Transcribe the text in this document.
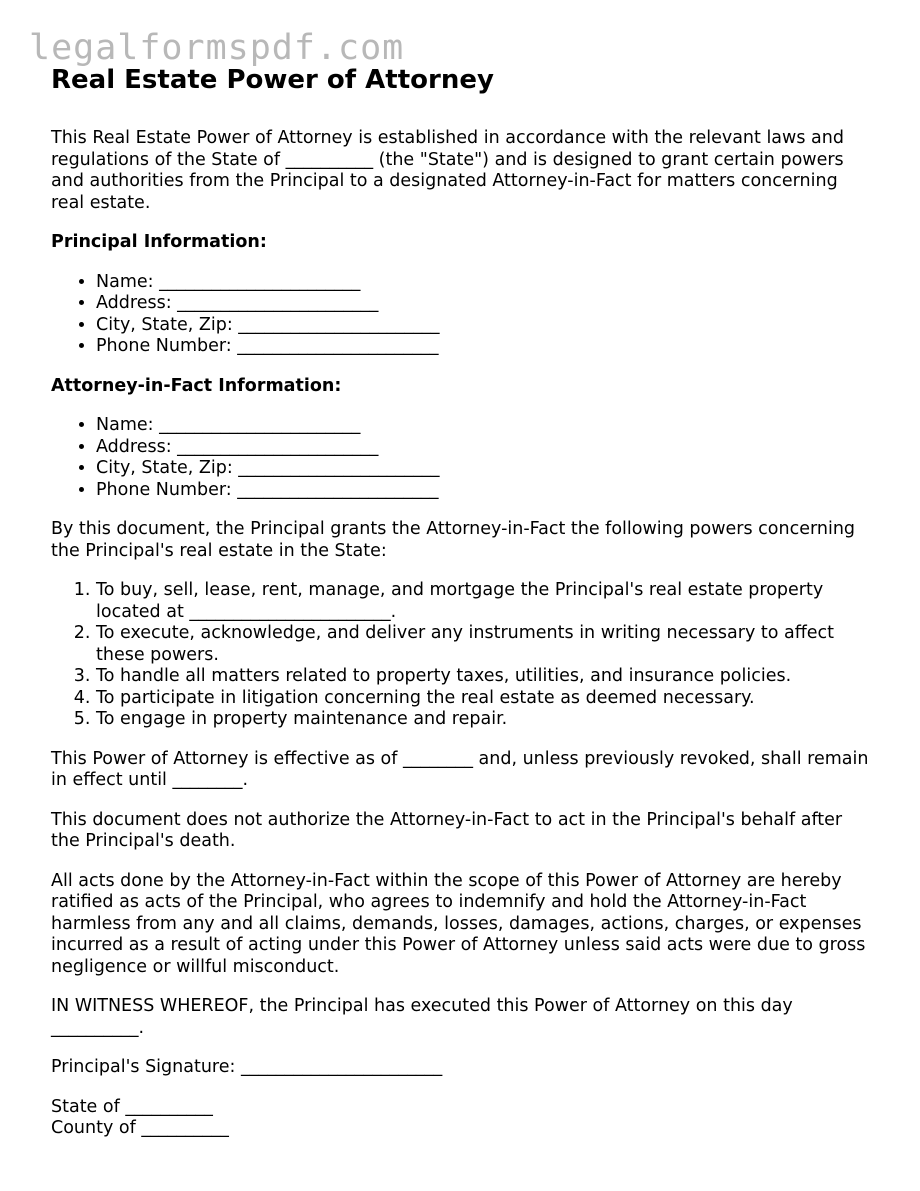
legalformspdf.com
Real Estate Power of Attorney

This Real Estate Power of Attorney is established in accordance with the relevant laws and regulations of the State of __________ (the "State") and is designed to grant certain powers and authorities from the Principal to a designated Attorney-in-Fact for matters concerning real estate.

Principal Information:

• Name: _______________________
• Address: _______________________
• City, State, Zip: _______________________
• Phone Number: _______________________

Attorney-in-Fact Information:

• Name: _______________________
• Address: _______________________
• City, State, Zip: _______________________
• Phone Number: _______________________

By this document, the Principal grants the Attorney-in-Fact the following powers concerning the Principal's real estate in the State:

1. To buy, sell, lease, rent, manage, and mortgage the Principal's real estate property located at _______________________.
2. To execute, acknowledge, and deliver any instruments in writing necessary to affect these powers.
3. To handle all matters related to property taxes, utilities, and insurance policies.
4. To participate in litigation concerning the real estate as deemed necessary.
5. To engage in property maintenance and repair.

This Power of Attorney is effective as of ________ and, unless previously revoked, shall remain in effect until ________.

This document does not authorize the Attorney-in-Fact to act in the Principal's behalf after the Principal's death.

All acts done by the Attorney-in-Fact within the scope of this Power of Attorney are hereby ratified as acts of the Principal, who agrees to indemnify and hold the Attorney-in-Fact harmless from any and all claims, demands, losses, damages, actions, charges, or expenses incurred as a result of acting under this Power of Attorney unless said acts were due to gross negligence or willful misconduct.

IN WITNESS WHEREOF, the Principal has executed this Power of Attorney on this day __________.

Principal's Signature: _______________________

State of __________
County of __________
